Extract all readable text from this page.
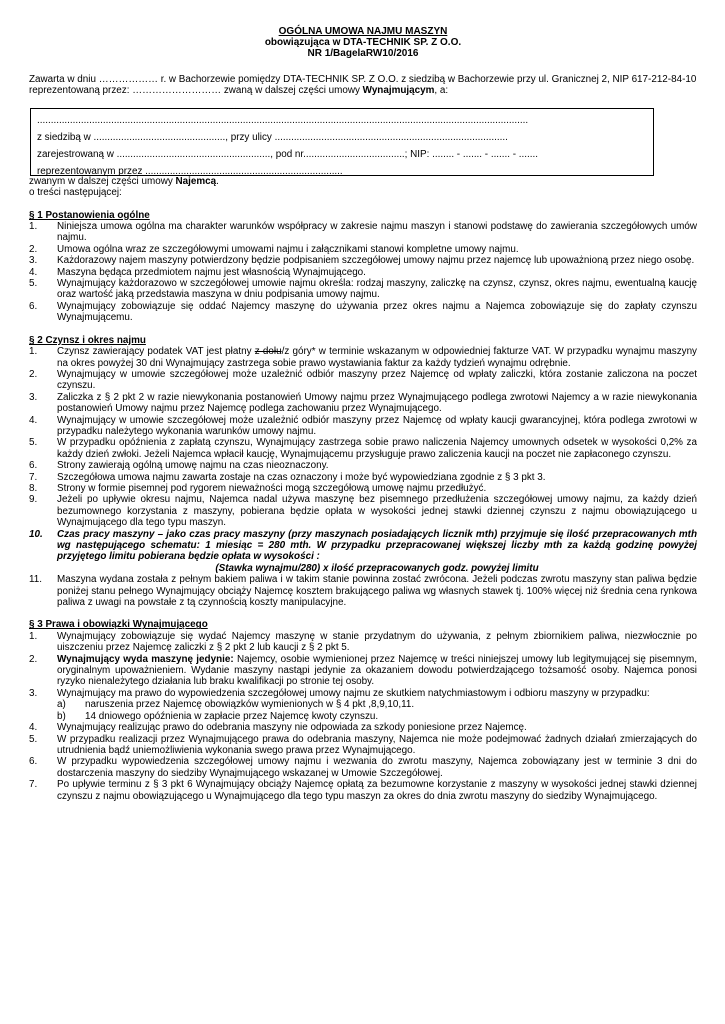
OGÓLNA UMOWA NAJMU MASZYN
obowiązująca w DTA-TECHNIK SP. Z O.O.
NR 1/BagelaRW10/2016
Zawarta w dniu ……………… r. w Bachorzewie pomiędzy DTA-TECHNIK SP. Z O.O. z siedzibą w Bachorzewie przy ul. Granicznej 2, NIP 617-212-84-10 reprezentowaną przez: ……………………… zwaną w dalszej części umowy Wynajmującym, a:
...................................................................................................................................................................................
z siedzibą w ................................................, przy ulicy .....................................................................................
zarejestrowaną w ........................................................, pod nr.....................................; NIP: ........ - ....... - ....... - .......
reprezentowanym przez ........................................................................
zwanym w dalszej części umowy Najemcą.
o treści następującej:
§ 1 Postanowienia ogólne
1. Niniejsza umowa ogólna ma charakter warunków współpracy w zakresie najmu maszyn i stanowi podstawę do zawierania szczegółowych umów najmu.
2. Umowa ogólna wraz ze szczegółowymi umowami najmu i załącznikami stanowi kompletne umowy najmu.
3. Każdorazowy najem maszyny potwierdzony będzie podpisaniem szczegółowej umowy najmu przez najemcę lub upoważnioną przez niego osobę.
4. Maszyna będąca przedmiotem najmu jest własnością Wynajmującego.
5. Wynajmujący każdorazowo w szczegółowej umowie najmu określa: rodzaj maszyny, zaliczkę na czynsz, czynsz, okres najmu, ewentualną kaucję oraz wartość jaką przedstawia maszyna w dniu podpisania umowy najmu.
6. Wynajmujący zobowiązuje się oddać Najemcy maszynę do używania przez okres najmu a Najemca zobowiązuje się do zapłaty czynszu Wynajmującemu.
§ 2 Czynsz i okres najmu
1. Czynsz zawierający podatek VAT jest płatny z dołu/z góry* w terminie wskazanym w odpowiedniej fakturze VAT. W przypadku wynajmu maszyny na okres powyżej 30 dni Wynajmujący zastrzega sobie prawo wystawiania faktur za każdy tydzień wynajmu odrębnie.
2. Wynajmujący w umowie szczegółowej może uzależnić odbiór maszyny przez Najemcę od wpłaty zaliczki, która zostanie zaliczona na poczet czynszu.
3. Zaliczka z § 2 pkt 2 w razie niewykonania postanowień Umowy najmu przez Wynajmującego podlega zwrotowi Najemcy a w razie niewykonania postanowień Umowy najmu przez Najemcę podlega zachowaniu przez Wynajmującego.
4. Wynajmujący w umowie szczegółowej może uzależnić odbiór maszyny przez Najemcę od wpłaty kaucji gwarancyjnej, która podlega zwrotowi w przypadku należytego wykonania warunków umowy najmu.
5. W przypadku opóźnienia z zapłatą czynszu, Wynajmujący zastrzega sobie prawo naliczenia Najemcy umownych odsetek w wysokości 0,2% za każdy dzień zwłoki. Jeżeli Najemca wpłacił kaucję, Wynajmującemu przysługuje prawo zaliczenia kaucji na poczet nie zapłaconego czynszu.
6. Strony zawierają ogólną umowę najmu na czas nieoznaczony.
7. Szczegółowa umowa najmu zawarta zostaje na czas oznaczony i może być wypowiedziana zgodnie z § 3 pkt 3.
8. Strony w formie pisemnej pod rygorem nieważności mogą szczegółową umowę najmu przedłużyć.
9. Jeżeli po upływie okresu najmu, Najemca nadal używa maszynę bez pisemnego przedłużenia szczegółowej umowy najmu, za każdy dzień bezumownego korzystania z maszyny, pobierana będzie opłata w wysokości jednej stawki dziennej czynszu z najmu obowiązującego u Wynajmującego dla tego typu maszyn.
10. Czas pracy maszyny – jako czas pracy maszyny (przy maszynach posiadających licznik mth) przyjmuje się ilość przepracowanych mth wg następującego schematu: 1 miesiąc = 280 mth. W przypadku przepracowanej większej liczby mth za każdą godzinę powyżej przyjętego limitu pobierana będzie opłata w wysokości :
(Stawka wynajmu/280) x ilość przepracowanych godz. powyżej limitu
11. Maszyna wydana została z pełnym bakiem paliwa i w takim stanie powinna zostać zwrócona. Jeżeli podczas zwrotu maszyny stan paliwa będzie poniżej stanu pełnego Wynajmujący obciąży Najemcę kosztem brakującego paliwa wg własnych stawek tj. 100% więcej niż średnia cena rynkowa paliwa z uwagi na powstałe z tą czynnością koszty manipulacyjne.
§ 3 Prawa i obowiązki Wynajmującego
1. Wynajmujący zobowiązuje się wydać Najemcy maszynę w stanie przydatnym do używania, z pełnym zbiornikiem paliwa, niezwłocznie po uiszczeniu przez Najemcę zaliczki z § 2 pkt 2 lub kaucji z § 2 pkt 5.
2. Wynajmujący wyda maszynę jedynie: Najemcy, osobie wymienionej przez Najemcę w treści niniejszej umowy lub legitymującej się pisemnym, oryginalnym upoważnieniem. Wydanie maszyny nastąpi jedynie za okazaniem dowodu potwierdzającego tożsamość osoby. Najemca ponosi ryzyko nienależytego działania lub braku kwalifikacji po stronie tej osoby.
3. Wynajmujący ma prawo do wypowiedzenia szczegółowej umowy najmu ze skutkiem natychmiastowym i odbioru maszyny w przypadku:
a) naruszenia przez Najemcę obowiązków wymienionych w § 4 pkt ,8,9,10,11.
b) 14 dniowego opóźnienia w zapłacie przez Najemcę kwoty czynszu.
4. Wynajmujący realizując prawo do odebrania maszyny nie odpowiada za szkody poniesione przez Najemcę.
5. W przypadku realizacji przez Wynajmującego prawa do odebrania maszyny, Najemca nie może podejmować żadnych działań zmierzających do utrudnienia bądź uniemożliwienia wykonania swego prawa przez Wynajmującego.
6. W przypadku wypowiedzenia szczegółowej umowy najmu i wezwania do zwrotu maszyny, Najemca zobowiązany jest w terminie 3 dni do dostarczenia maszyny do siedziby Wynajmującego wskazanej w Umowie Szczegółowej.
7. Po upływie terminu z § 3 pkt 6 Wynajmujący obciąży Najemcę opłatą za bezumowne korzystanie z maszyny w wysokości jednej stawki dziennej czynszu z najmu obowiązującego u Wynajmującego dla tego typu maszyn za okres do dnia zwrotu maszyny do siedziby Wynajmującego.
